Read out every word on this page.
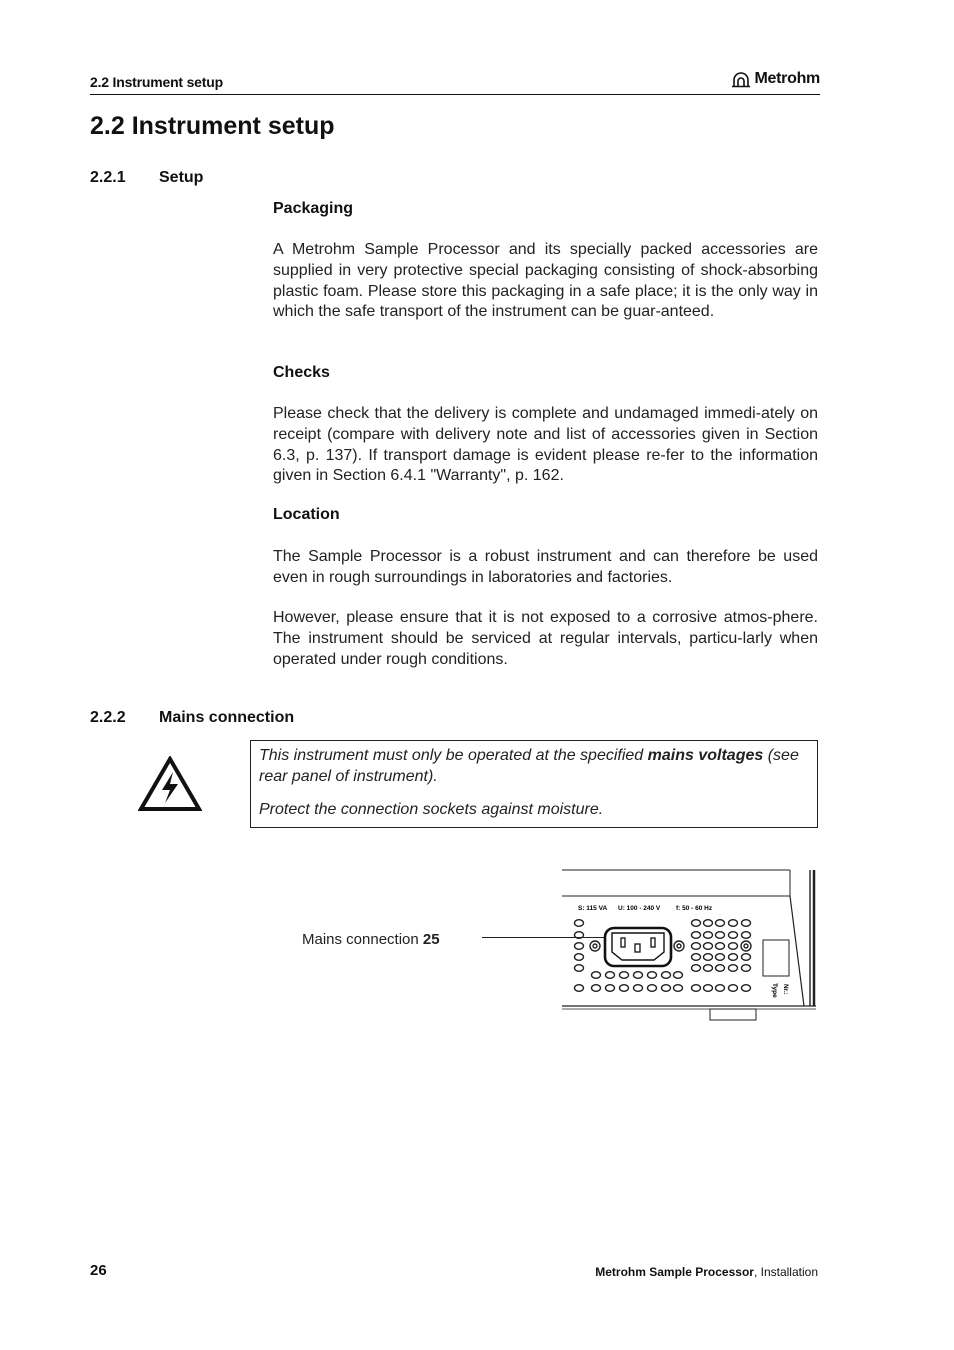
2.2 Instrument setup	Metrohm
2.2 Instrument setup
2.2.1 Setup
Packaging

A Metrohm Sample Processor and its specially packed accessories are supplied in very protective special packaging consisting of shock-absorbing plastic foam. Please store this packaging in a safe place; it is the only way in which the safe transport of the instrument can be guar-anteed.

Checks

Please check that the delivery is complete and undamaged immedi-ately on receipt (compare with delivery note and list of accessories given in Section 6.3, p. 137). If transport damage is evident please re-fer to the information given in Section 6.4.1 "Warranty", p. 162.

Location

The Sample Processor is a robust instrument and can therefore be used even in rough surroundings in laboratories and factories.

However, please ensure that it is not exposed to a corrosive atmos-phere. The instrument should be serviced at regular intervals, particu-larly when operated under rough conditions.

2.2.2 Mains connection

This instrument must only be operated at the specified mains voltages (see rear panel of instrument).

Protect the connection sockets against moisture.

Mains connection 25
S: 115 VA U: 100 - 240 V f: 50 - 60 Hz
Type Nr.:
26	Metrohm Sample Processor, Installation
